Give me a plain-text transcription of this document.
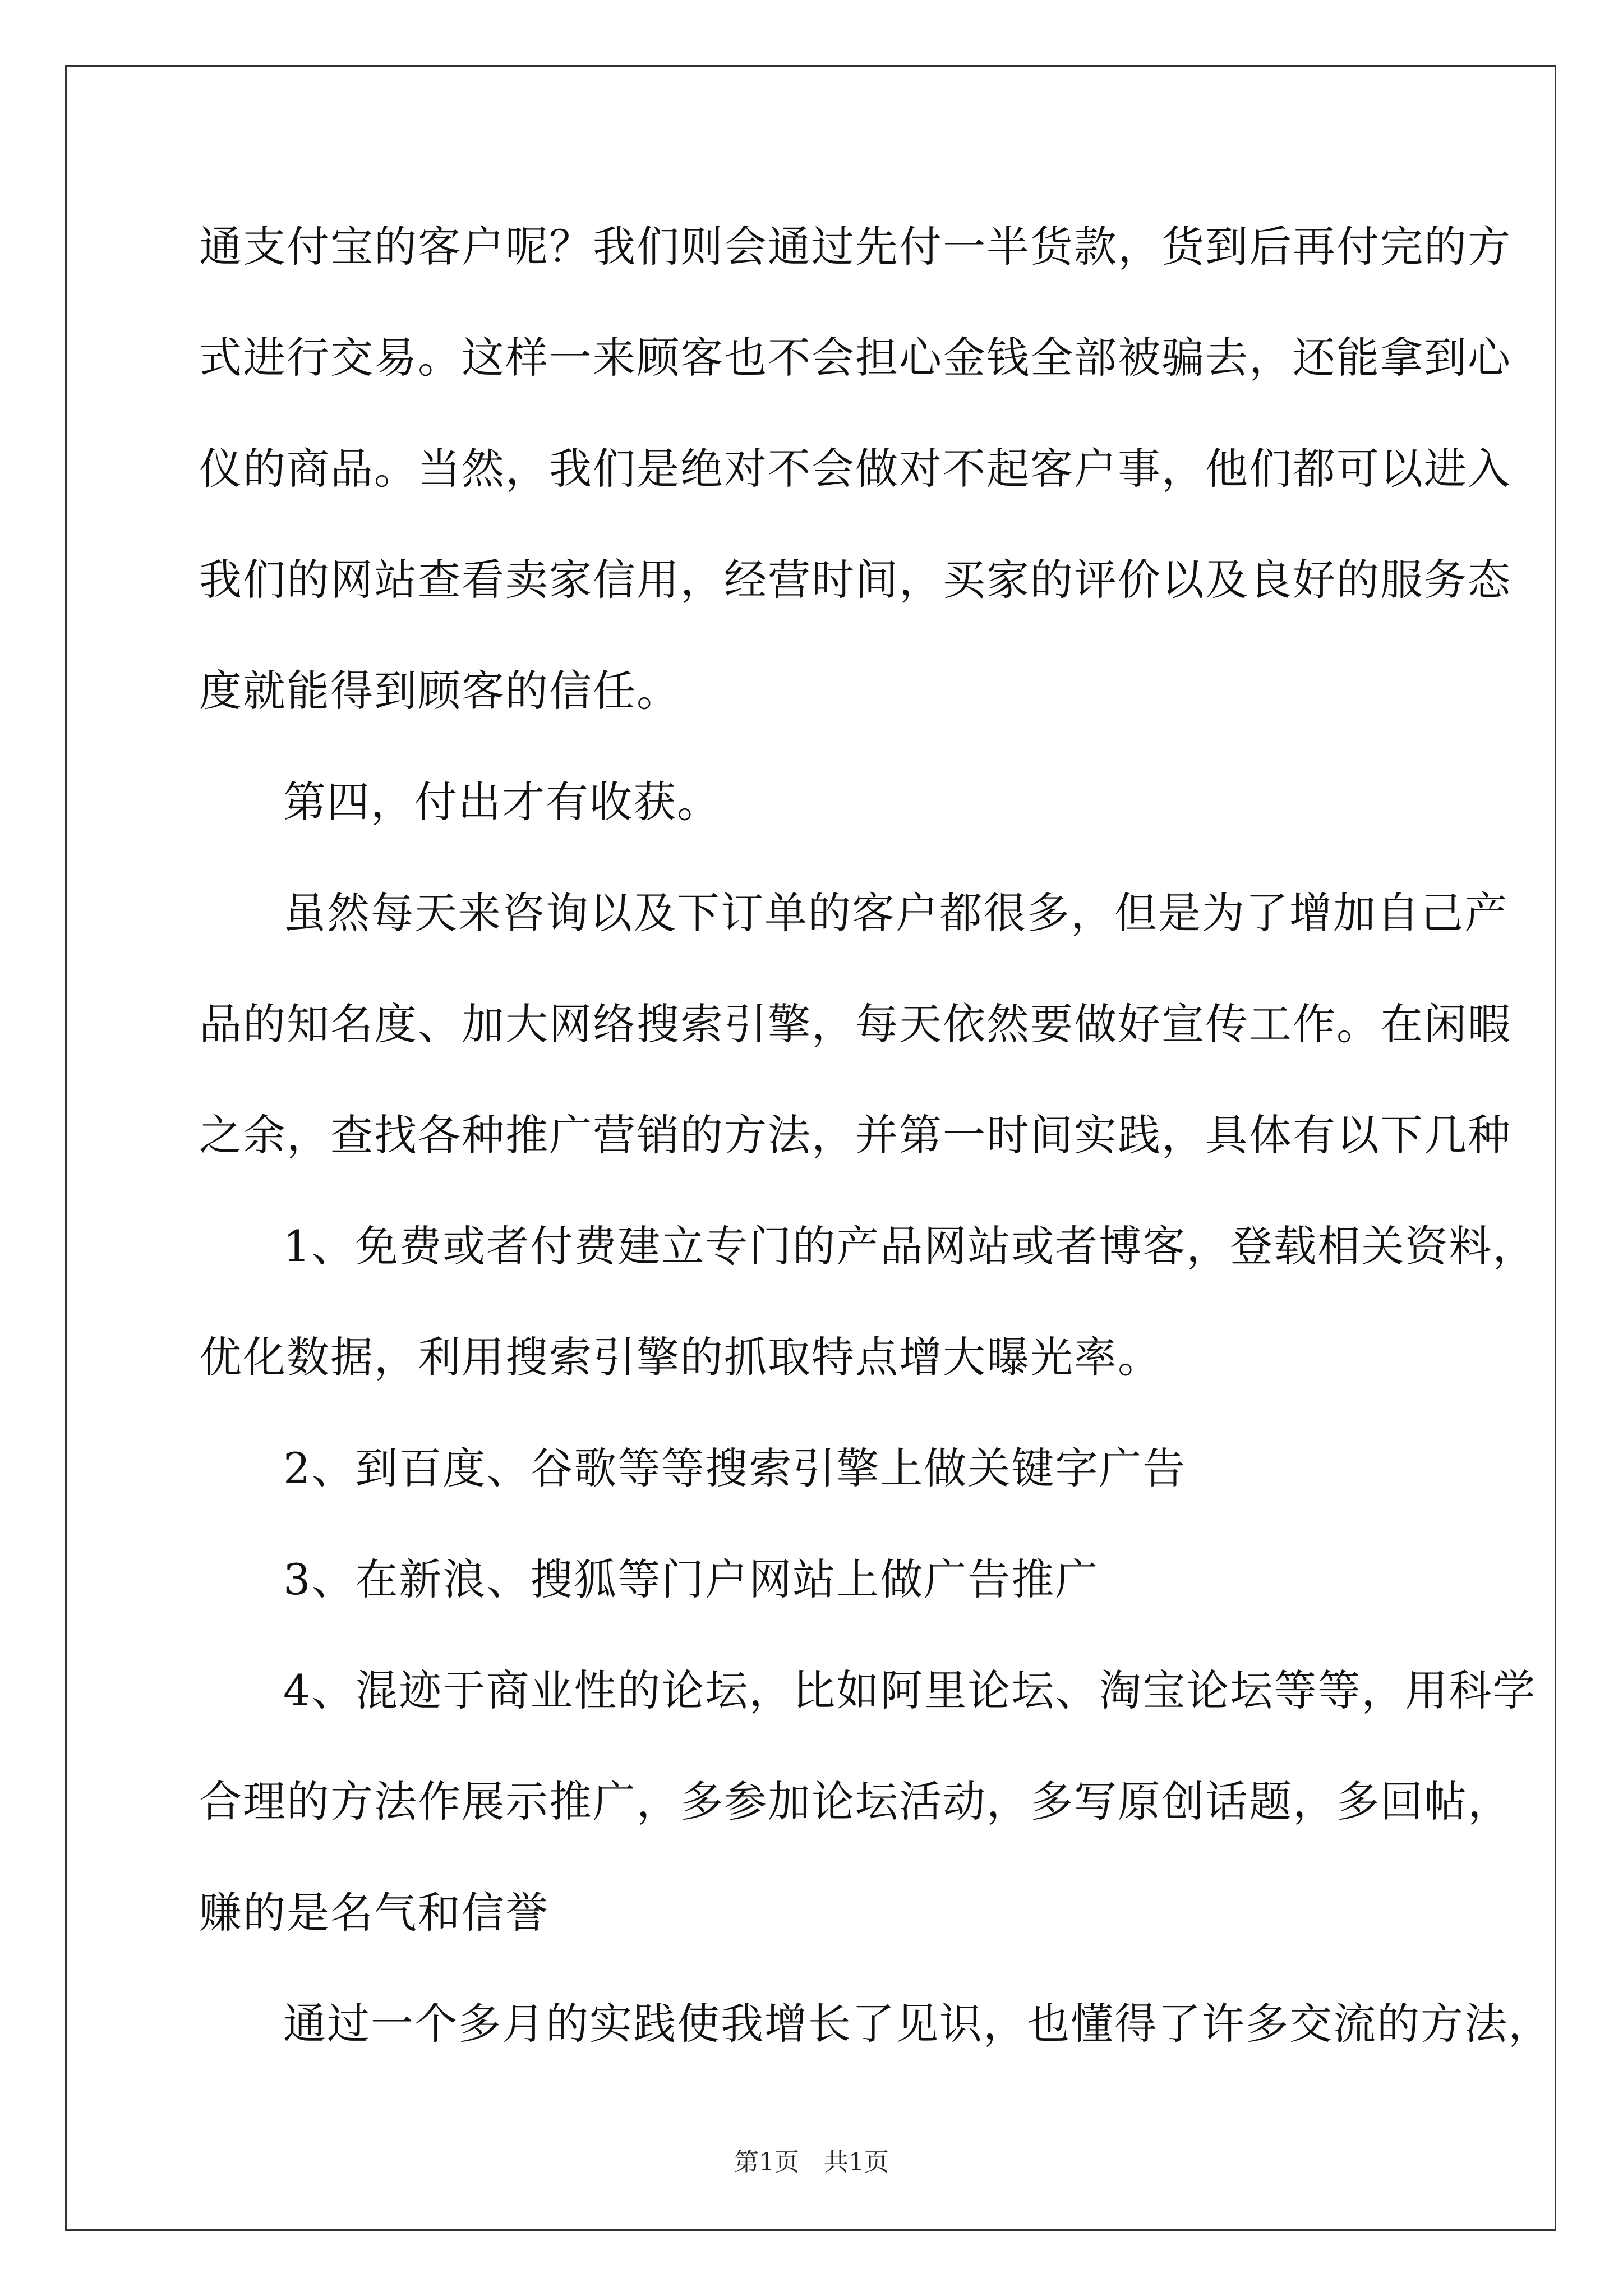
通支付宝的客户呢？我们则会通过先付一半货款，货到后再付完的方
式进行交易。这样一来顾客也不会担心金钱全部被骗去，还能拿到心
仪的商品。当然，我们是绝对不会做对不起客户事，他们都可以进入
我们的网站查看卖家信用，经营时间，买家的评价以及良好的服务态
度就能得到顾客的信任。
第四，付出才有收获。
虽然每天来咨询以及下订单的客户都很多，但是为了增加自己产
品的知名度、加大网络搜索引擎，每天依然要做好宣传工作。在闲暇
之余，查找各种推广营销的方法，并第一时间实践，具体有以下几种
1、免费或者付费建立专门的产品网站或者博客，登载相关资料，
优化数据，利用搜索引擎的抓取特点增大曝光率。
2、到百度、谷歌等等搜索引擎上做关键字广告
3、在新浪、搜狐等门户网站上做广告推广
4、混迹于商业性的论坛，比如阿里论坛、淘宝论坛等等，用科学
合理的方法作展示推广，多参加论坛活动，多写原创话题，多回帖，
赚的是名气和信誉
通过一个多月的实践使我增长了见识，也懂得了许多交流的方法，
第1页　共1页
